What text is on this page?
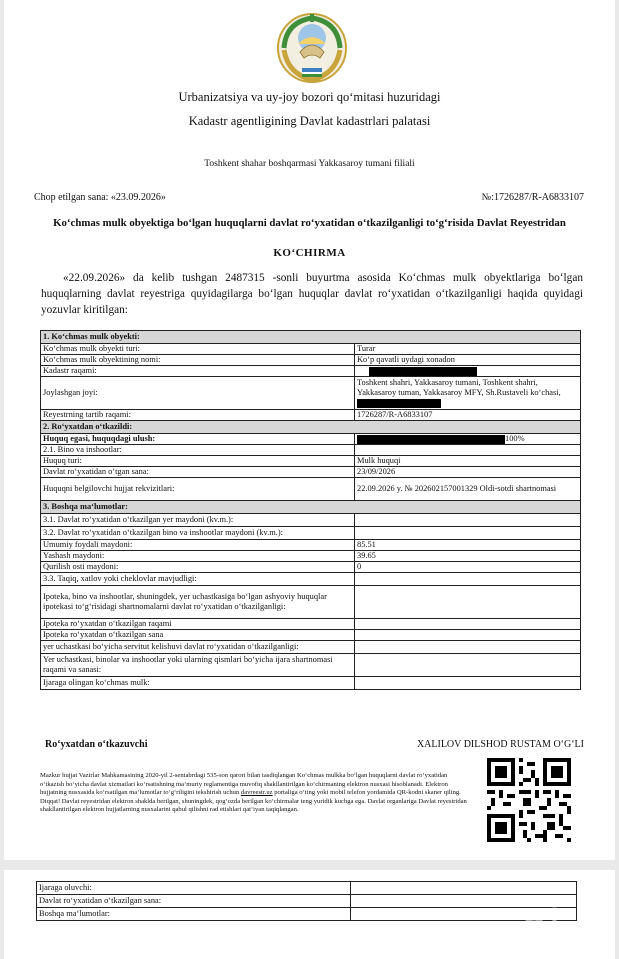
Urbanizatsiya va uy-joy bozori qoʻmitasi huzuridagi
Kadastr agentligining Davlat kadastrlari palatasi
Toshkent shahar boshqarmasi Yakkasaroy tumani filiali
Chop etilgan sana: «23.09.2026»	№:1726287/R-A6833107
Koʻchmas mulk obyektiga boʻlgan huquqlarni davlat roʻyxatidan oʻtkazilganligi toʻgʻrisida Davlat Reyestridan
KOʻCHIRMA
«22.09.2026» da kelib tushgan 2487315 -sonli buyurtma asosida Koʻchmas mulk obyektlariga boʻlgan huquqlarning davlat reyestriga quyidagilarga boʻlgan huquqlar davlat roʻyxatidan oʻtkazilganligi haqida quyidagi yozuvlar kiritilgan:
1. Koʻchmas mulk obyekti:	
Koʻchmas mulk obyekti turi:	Turar
Koʻchmas mulk obyektining nomi:	Koʻp qavatli uydagi xonadon
Kadastr raqami:	
Joylashgan joyi:	Toshkent shahri, Yakkasaroy tumani, Toshkent shahri, Yakkasaroy tuman, Yakkasaroy MFY, Sh.Rustaveli koʻchasi,
Reyestrning tartib raqami:	1726287/R-A6833107
2. Roʻyxatdan oʻtkazildi:	
Huquq egasi, huquqdagi ulush:	100%
2.1. Bino va inshootlar:	
Huquq turi:	Mulk huquqi
Davlat roʻyxatidan oʻtgan sana:	23/09/2026
Huquqni belgilovchi hujjat rekvizitlari:	22.09.2026 y. № 202602157001329 Oldi-sotdi shartnomasi
3. Boshqa maʻlumotlar:	
3.1. Davlat roʻyxatidan oʻtkazilgan yer maydoni (kv.m.):	
3.2. Davlat roʻyxatidan oʻtkazilgan bino va inshootlar maydoni (kv.m.):	
Umumiy foydali maydoni:	85.51
Yashash maydoni:	39.65
Qurilish osti maydoni:	0
3.3. Taqiq, xatlov yoki cheklovlar mavjudligi:	
Ipoteka, bino va inshootlar, shuningdek, yer uchastkasiga boʻlgan ashyoviy huquqlar ipotekasi toʻgʻrisidagi shartnomalarni davlat roʻyxatidan oʻtkazilganligi:	
Ipoteka roʻyxatdan oʻtkazilgan raqami	
Ipoteka roʻyxatdan oʻtkazilgan sana	
yer uchastkasi boʻyicha servitut kelishuvi davlat roʻyxatidan oʻtkazilganligi:	
Yer uchastkasi, binolar va inshootlar yoki ularning qismlari boʻyicha ijara shartnomasi raqami va sanasi:	
Ijaraga olingan koʻchmas mulk:	
Roʻyxatdan oʻtkazuvchi	XALILOV DILSHOD RUSTAM OʻGʻLI
Mazkur hujjat Vazirlar Mahkamasining 2020-yil 2-sentabrdagi 535-son qarori bilan tasdiqlangan Koʻchmas mulkka boʻlgan huquqlarni davlat roʻyxatidan oʻtkazish boʻyicha davlat xizmatlari koʻrsatishning maʻmuriy reglamentiga muvofiq shakllantirilgan koʻchirmaning elektron nusxasi hisoblanadi. Elektron hujjatning nusxasida koʻrsatilgan maʻlumotlar toʻgʻriligini tekshirish uchun davreestr.uz portaliga oʻting yoki mobil telefon yordamida QR-kodni skaner qiling. Diqqat! Davlat reyestridan elektron shaklda berilgan, shuningdek, qogʻozda berilgan koʻchirmalar teng yuridik kuchga ega. Davlat organlariga Davlat reyestridan shakllantirilgan elektron hujjatlarning nusxalarini qabul qilishni rad etishlari qatʻiyan taqiqlangan.
Ijaraga oluvchi:	
Davlat roʻyxatidan oʻtkazilgan sana:	
Boshqa maʻlumotlar:		ol uz
